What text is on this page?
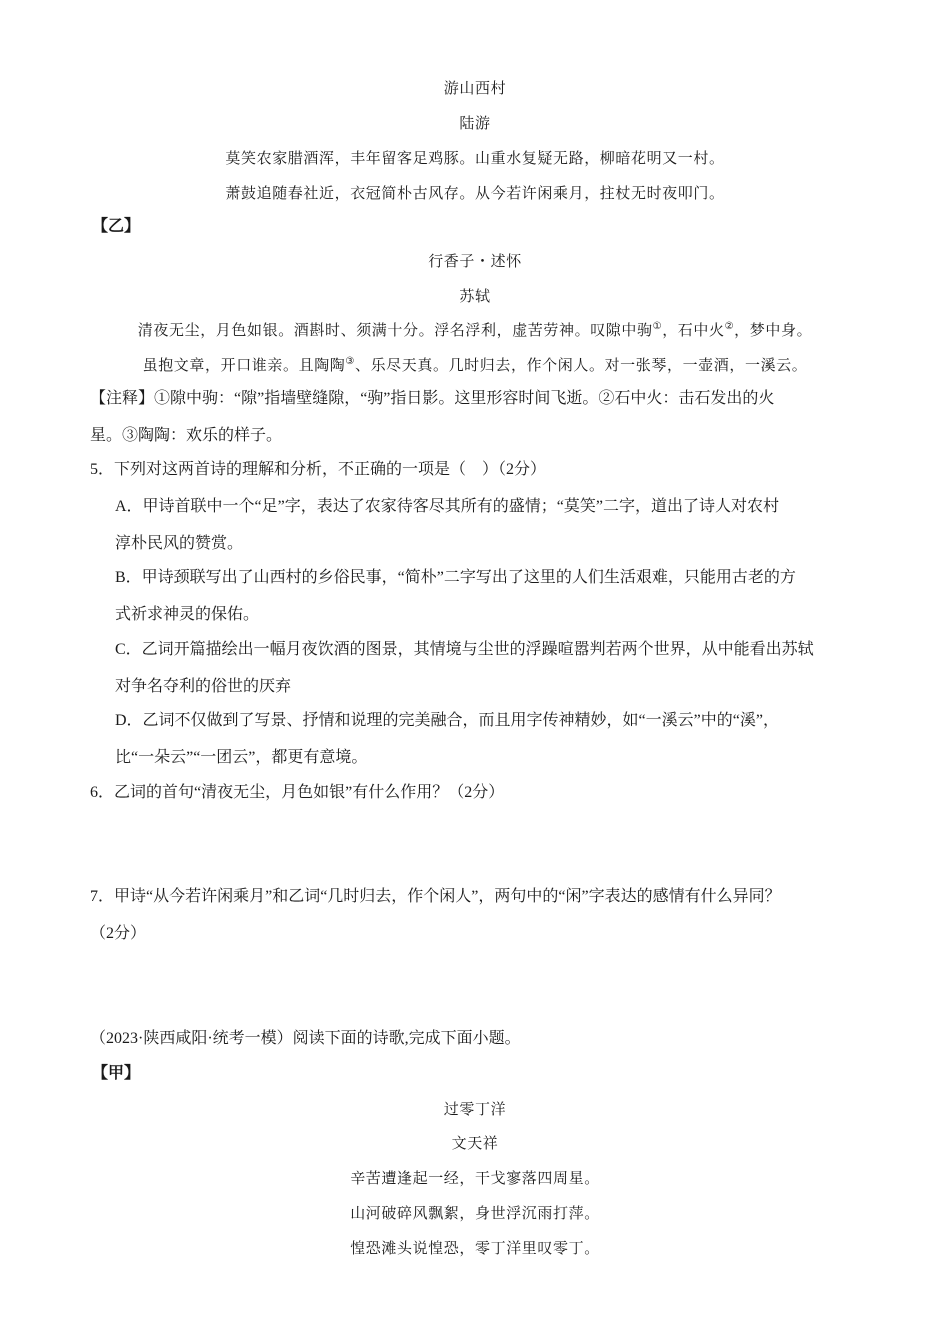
游山西村
陆游
莫笑农家腊酒浑，丰年留客足鸡豚。山重水复疑无路，柳暗花明又一村。
萧鼓追随春社近，衣冠简朴古风存。从今若许闲乘月，拄杖无时夜叩门。
【乙】
行香子・述怀
苏轼
清夜无尘，月色如银。酒斟时、须满十分。浮名浮利，虚苦劳神。叹隙中驹①，石中火②，梦中身。
虽抱文章，开口谁亲。且陶陶③、乐尽天真。几时归去，作个闲人。对一张琴，一壶酒，一溪云。
【注释】①隙中驹：“隙”指墙壁缝隙，“驹”指日影。这里形容时间飞逝。②石中火：击石发出的火
星。③陶陶：欢乐的样子。
5．下列对这两首诗的理解和分析，不正确的一项是（　）（2分）
A．甲诗首联中一个“足”字，表达了农家待客尽其所有的盛情；“莫笑”二字，道出了诗人对农村
淳朴民风的赞赏。
B．甲诗颈联写出了山西村的乡俗民事，“简朴”二字写出了这里的人们生活艰难，只能用古老的方
式祈求神灵的保佑。
C．乙词开篇描绘出一幅月夜饮酒的图景，其情境与尘世的浮躁喧嚣判若两个世界，从中能看出苏轼
对争名夺利的俗世的厌弃
D．乙词不仅做到了写景、抒情和说理的完美融合，而且用字传神精妙，如“一溪云”中的“溪”，
比“一朵云”“一团云”，都更有意境。
6．乙词的首句“清夜无尘，月色如银”有什么作用？（2分）
7．甲诗“从今若许闲乘月”和乙词“几时归去，作个闲人”，两句中的“闲”字表达的感情有什么异同？
（2分）
（2023·陕西咸阳·统考一模）阅读下面的诗歌,完成下面小题。
【甲】
过零丁洋
文天祥
辛苦遭逢起一经，干戈寥落四周星。
山河破碎风飘絮，身世浮沉雨打萍。
惶恐滩头说惶恐，零丁洋里叹零丁。
